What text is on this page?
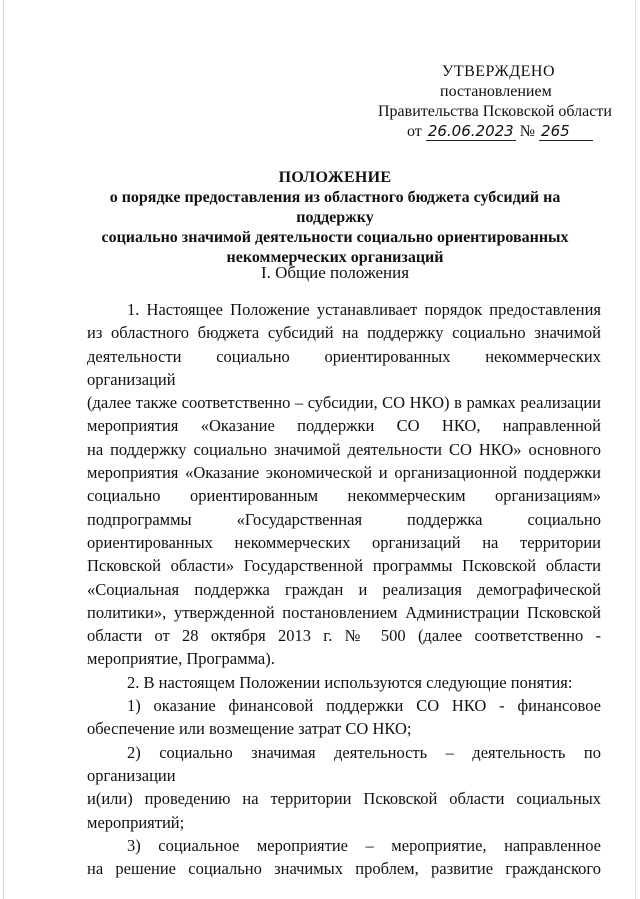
УТВЕРЖДЕНО
постановлением
Правительства Псковской области
от 26.06.2023 № 265
ПОЛОЖЕНИЕ
о порядке предоставления из областного бюджета субсидий на поддержку
социально значимой деятельности социально ориентированных
некоммерческих организаций
I. Общие положения

1. Настоящее Положение устанавливает порядок предоставления

из областного бюджета субсидий на поддержку социально значимой

деятельности социально ориентированных некоммерческих организаций

(далее также соответственно – субсидии, СО НКО) в рамках реализации

мероприятия «Оказание поддержки СО НКО, направленной

на поддержку социально значимой деятельности СО НКО» основного

мероприятия «Оказание экономической и организационной поддержки

социально ориентированным некоммерческим организациям»

подпрограммы «Государственная поддержка социально

ориентированных некоммерческих организаций на территории

Псковской области» Государственной программы Псковской области

«Социальная поддержка граждан и реализация демографической

политики», утвержденной постановлением Администрации Псковской

области от 28 октября 2013 г. № 500 (далее соответственно -

мероприятие, Программа).

2. В настоящем Положении используются следующие понятия:

1) оказание финансовой поддержки СО НКО - финансовое

обеспечение или возмещение затрат СО НКО;

2) социально значимая деятельность – деятельность по организации

и(или) проведению на территории Псковской области социальных

мероприятий;

3) социальное мероприятие – мероприятие, направленное

на решение социально значимых проблем, развитие гражданского
